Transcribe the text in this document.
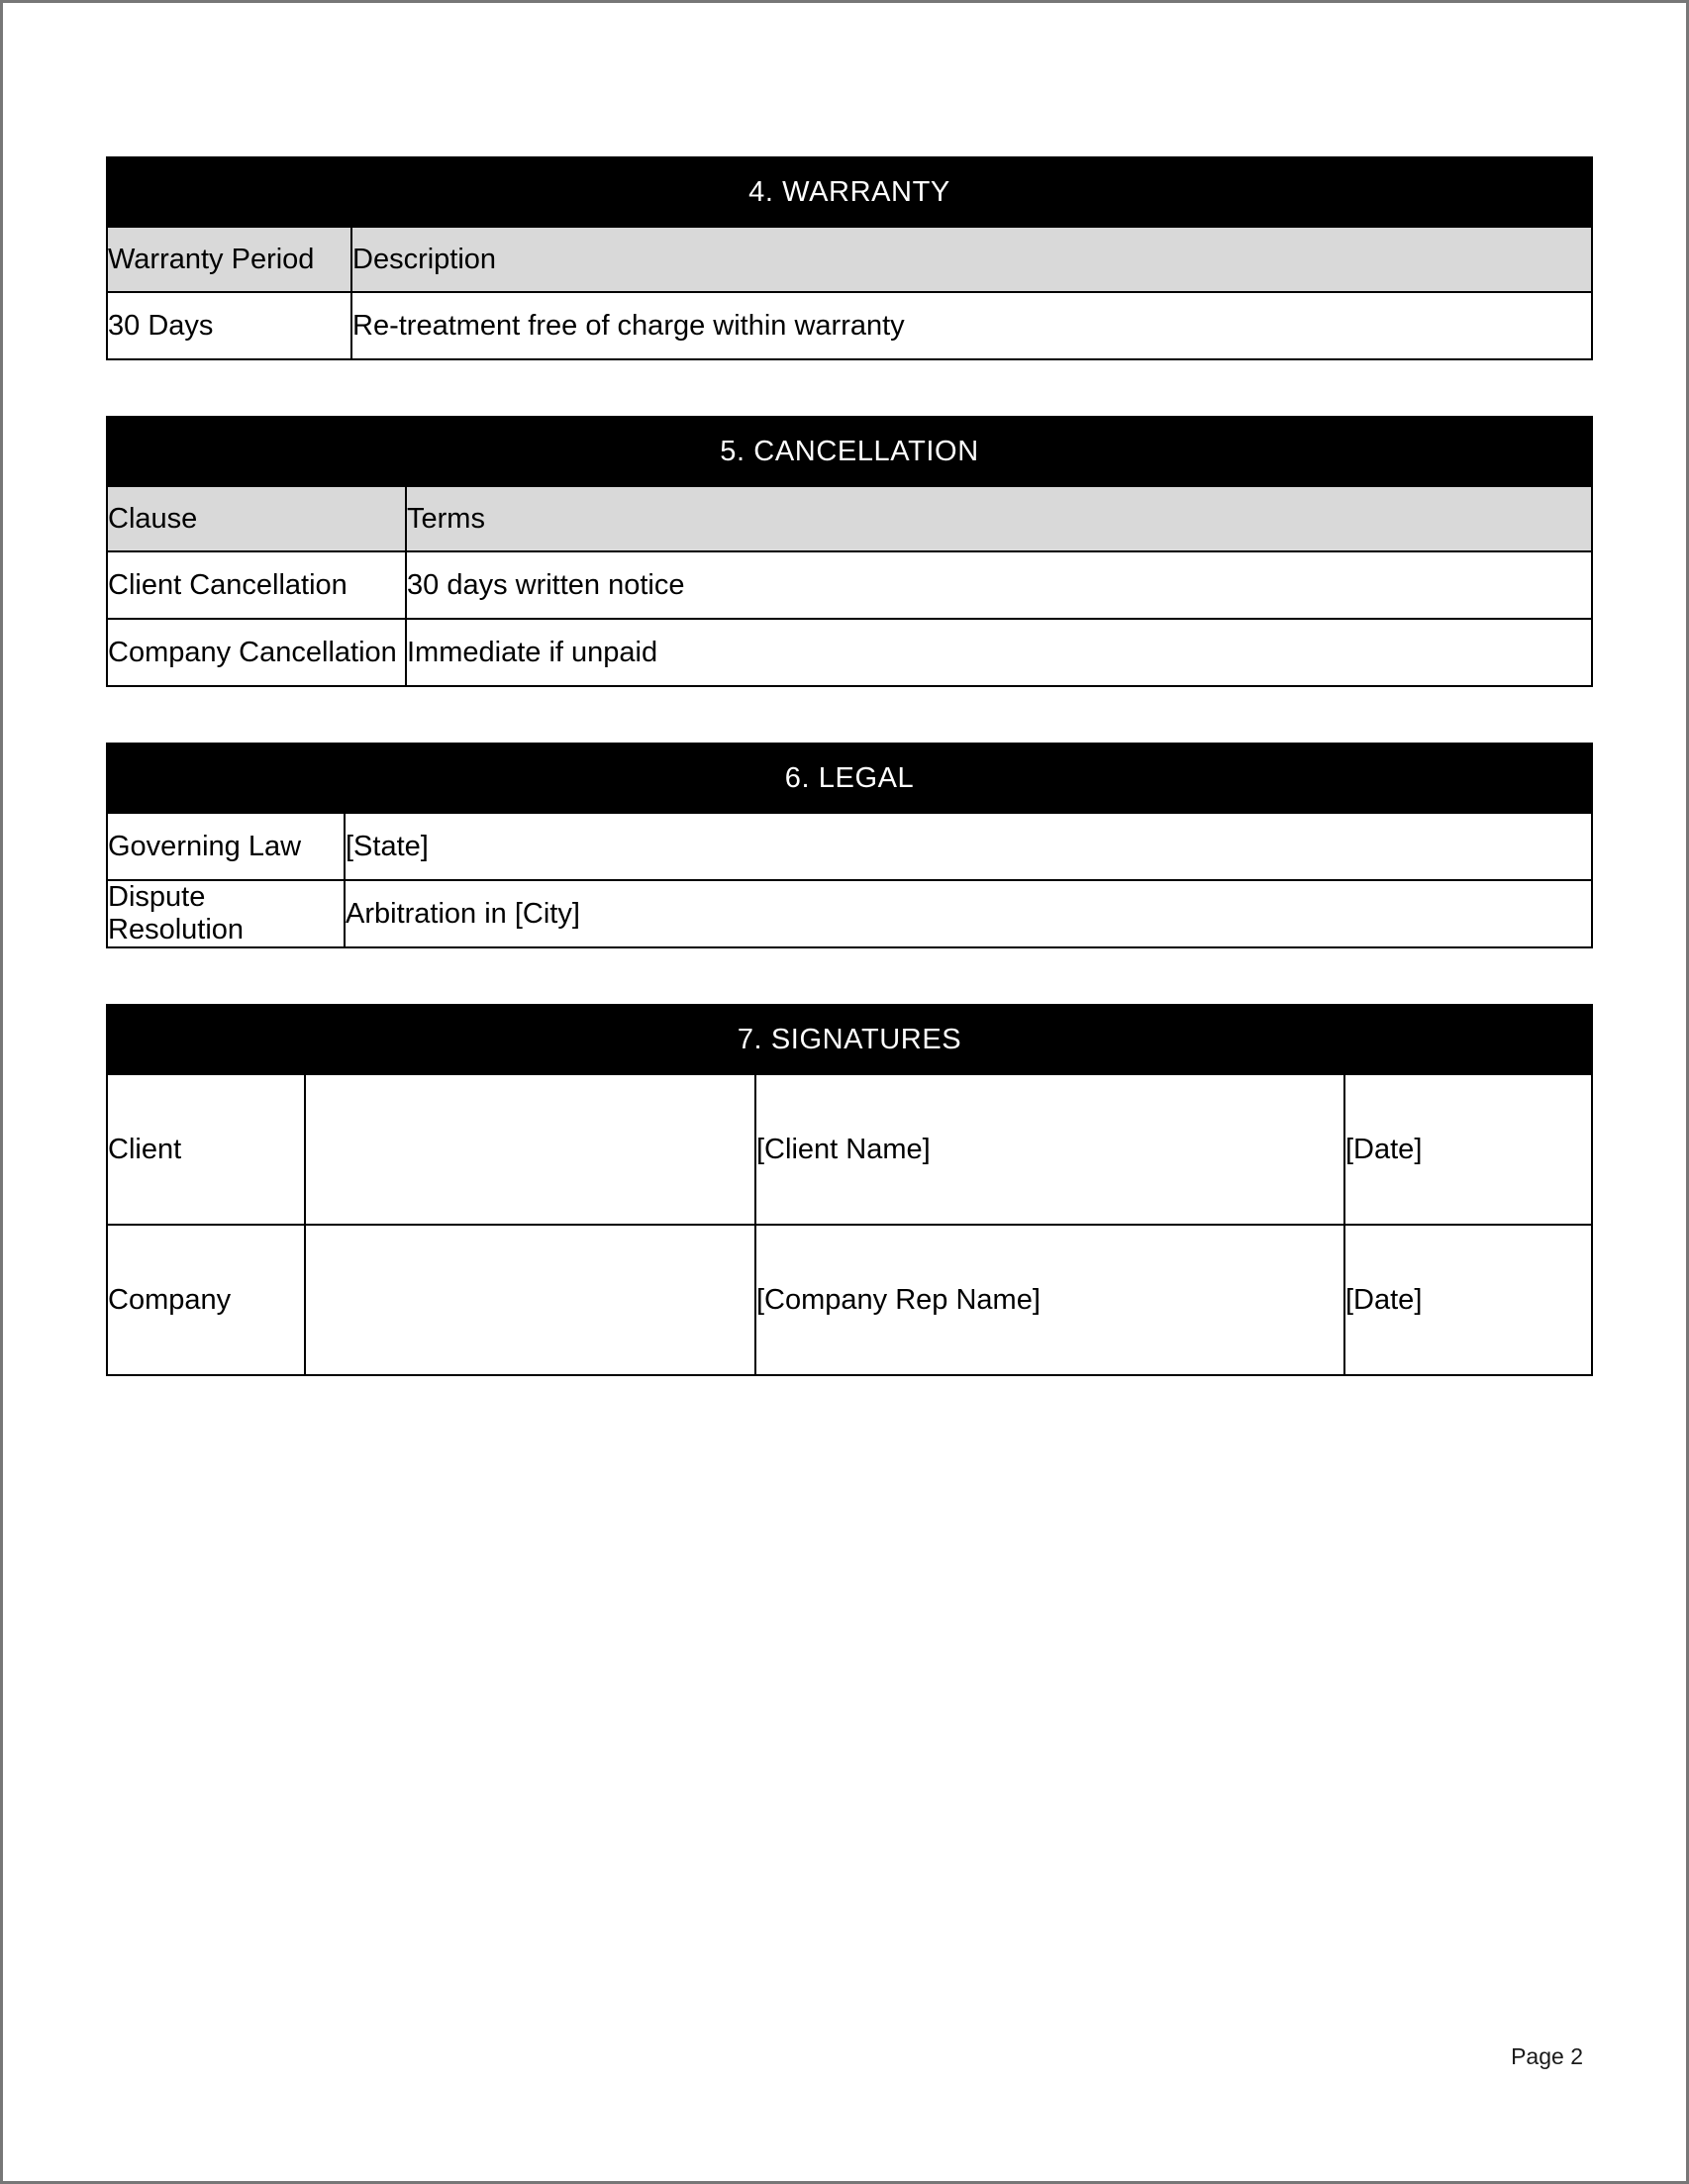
4. WARRANTY	
Warranty Period	Description
30 Days	Re-treatment free of charge within warranty
5. CANCELLATION	
Clause	Terms
Client Cancellation	30 days written notice
Company Cancellation	Immediate if unpaid
6. LEGAL	
Governing Law	[State]
Dispute Resolution	Arbitration in [City]
7. SIGNATURES			
Client		[Client Name]	[Date]
Company		[Company Rep Name]	[Date]
Page 2
